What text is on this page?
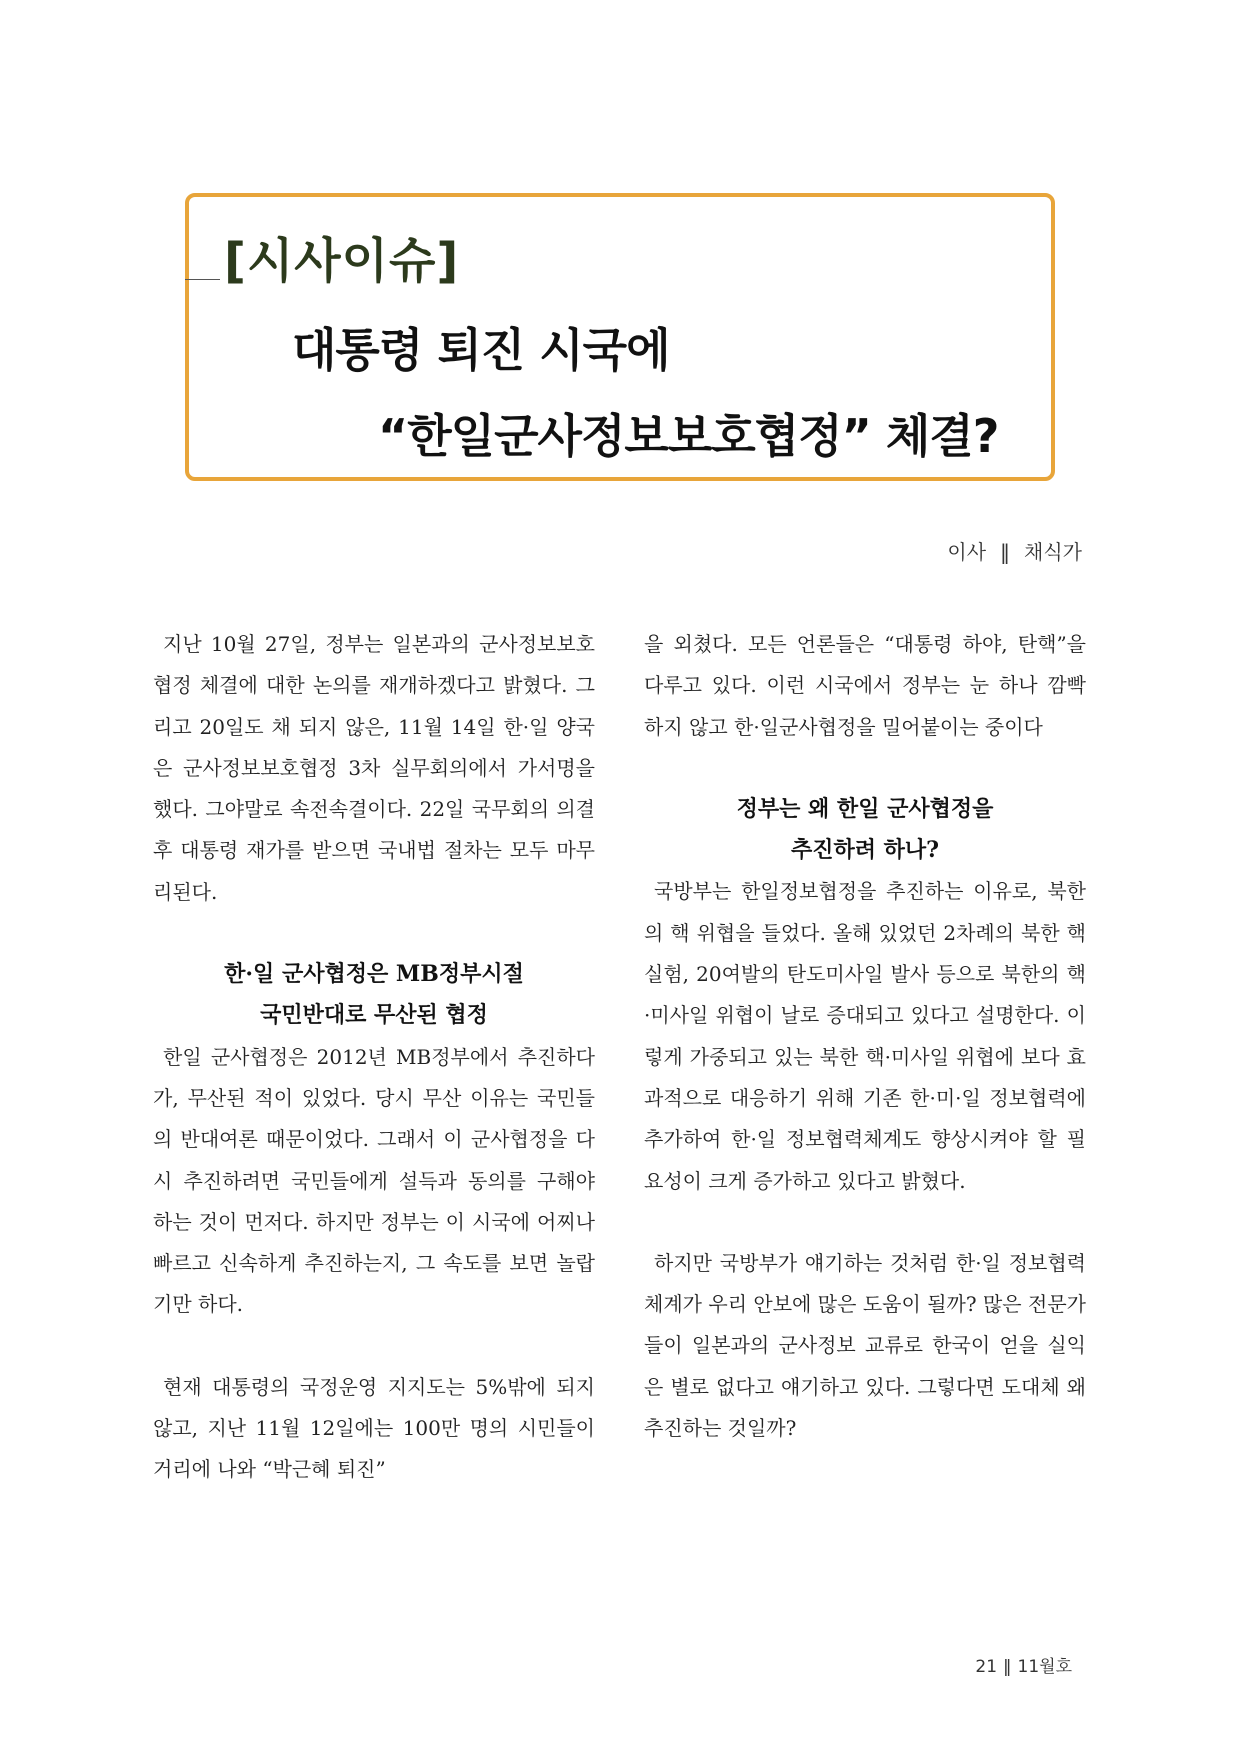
[시사이슈]
대통령 퇴진 시국에
“한일군사정보보호협정” 체결?
이사 ‖ 채식가

지난 10월 27일, 정부는 일본과의 군사정보보호협정 체결에 대한 논의를 재개하겠다고 밝혔다. 그리고 20일도 채 되지 않은, 11월 14일 한·일 양국은 군사정보보호협정 3차 실무회의에서 가서명을 했다. 그야말로 속전속결이다. 22일 국무회의 의결 후 대통령 재가를 받으면 국내법 절차는 모두 마무리된다.

한·일 군사협정은 MB정부시절

국민반대로 무산된 협정

한일 군사협정은 2012년 MB정부에서 추진하다가, 무산된 적이 있었다. 당시 무산 이유는 국민들의 반대여론 때문이었다. 그래서 이 군사협정을 다시 추진하려면 국민들에게 설득과 동의를 구해야 하는 것이 먼저다. 하지만 정부는 이 시국에 어찌나 빠르고 신속하게 추진하는지, 그 속도를 보면 놀랍기만 하다.

현재 대통령의 국정운영 지지도는 5%밖에 되지 않고, 지난 11월 12일에는 100만 명의 시민들이 거리에 나와 “박근혜 퇴진”

을 외쳤다. 모든 언론들은 “대통령 하야, 탄핵”을 다루고 있다. 이런 시국에서 정부는 눈 하나 깜빡 하지 않고 한·일군사협정을 밀어붙이는 중이다

정부는 왜 한일 군사협정을

추진하려 하나?

국방부는 한일정보협정을 추진하는 이유로, 북한의 핵 위협을 들었다. 올해 있었던 2차례의 북한 핵실험, 20여발의 탄도미사일 발사 등으로 북한의 핵·미사일 위협이 날로 증대되고 있다고 설명한다. 이렇게 가중되고 있는 북한 핵·미사일 위협에 보다 효과적으로 대응하기 위해 기존 한·미·일 정보협력에 추가하여 한·일 정보협력체계도 향상시켜야 할 필요성이 크게 증가하고 있다고 밝혔다.

하지만 국방부가 얘기하는 것처럼 한·일 정보협력체계가 우리 안보에 많은 도움이 될까? 많은 전문가들이 일본과의 군사정보 교류로 한국이 얻을 실익은 별로 없다고 얘기하고 있다. 그렇다면 도대체 왜 추진하는 것일까?

21 ‖ 11월호
